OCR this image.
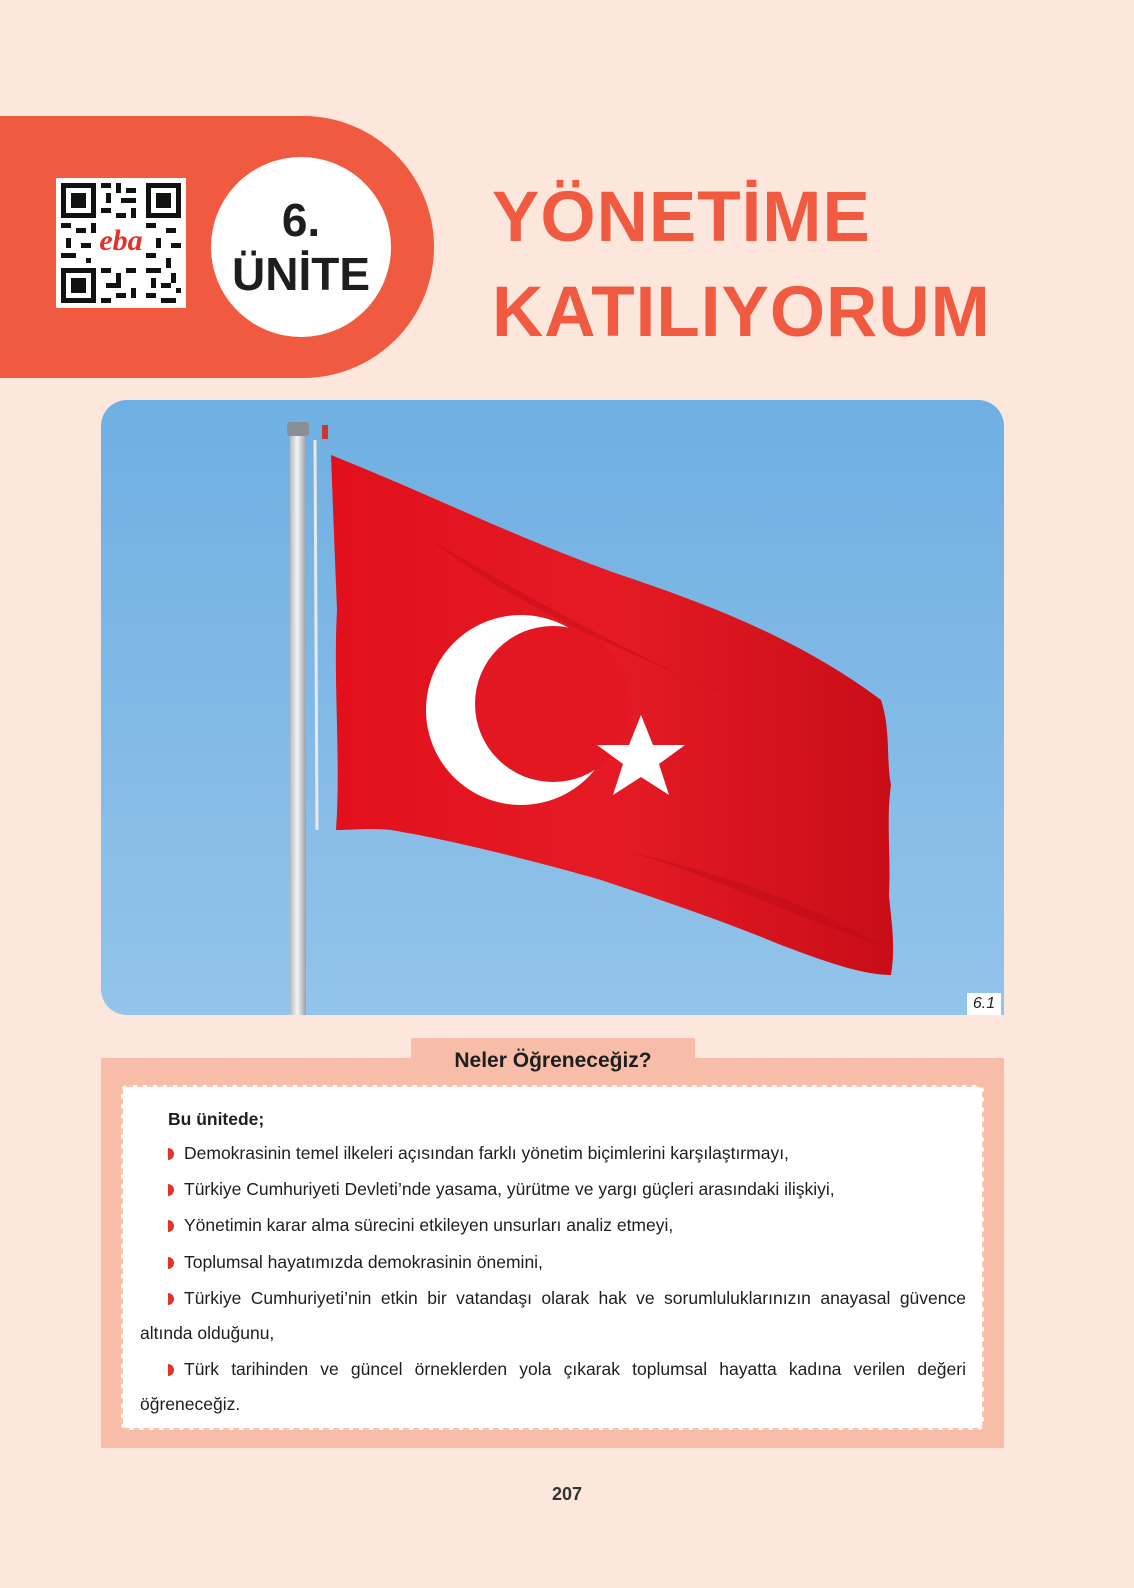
eba	6.
ÜNİTE
YÖNETİME
KATILIYORUM
6.1
Neler Öğreneceğiz?
Bu ünitede;
Demokrasinin temel ilkeleri açısından farklı yönetim biçimlerini karşılaştırmayı,
Türkiye Cumhuriyeti Devleti’nde yasama, yürütme ve yargı güçleri arasındaki ilişkiyi,
Yönetimin karar alma sürecini etkileyen unsurları analiz etmeyi,
Toplumsal hayatımızda demokrasinin önemini,
Türkiye Cumhuriyeti’nin etkin bir vatandaşı olarak hak ve sorumluluklarınızın anayasal güvence altında olduğunu,
Türk tarihinden ve güncel örneklerden yola çıkarak toplumsal hayatta kadına verilen değeri öğreneceğiz.
207
